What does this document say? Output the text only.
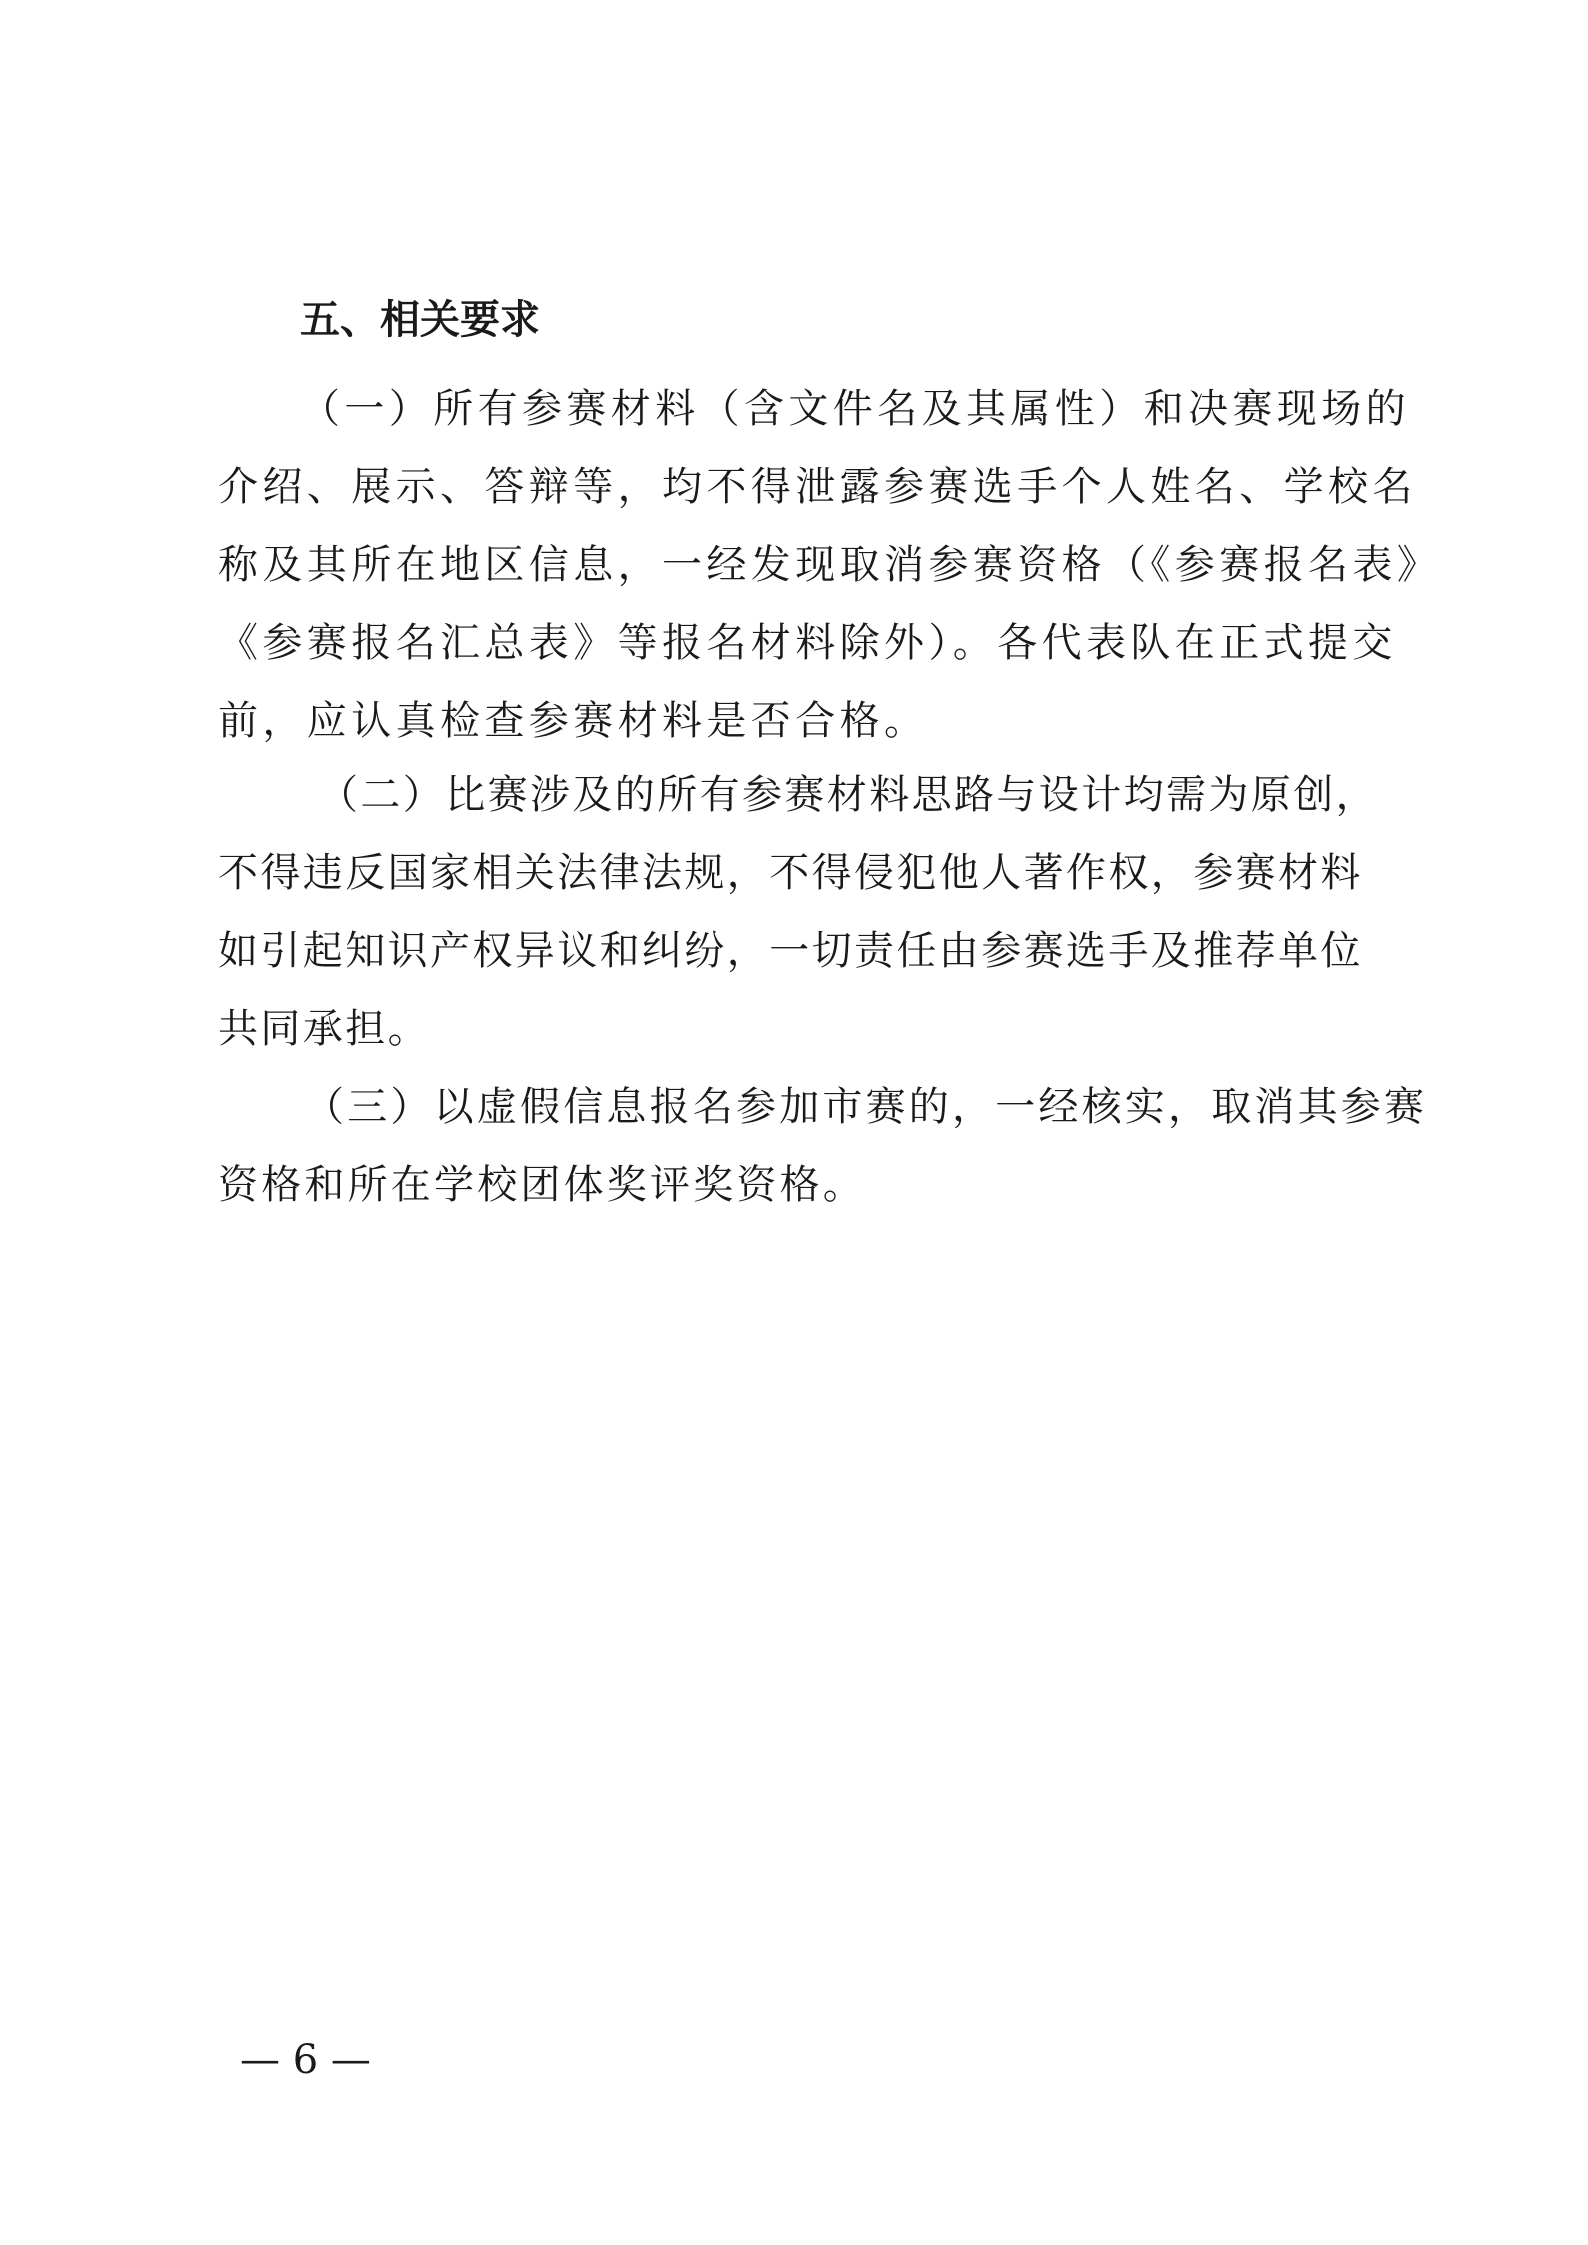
五、相关要求
（一）所有参赛材料（含文件名及其属性）和决赛现场的
介绍、展示、答辩等，均不得泄露参赛选手个人姓名、学校名
称及其所在地区信息，一经发现取消参赛资格（《参赛报名表》
《参赛报名汇总表》等报名材料除外）。各代表队在正式提交
前，应认真检查参赛材料是否合格。
（二）比赛涉及的所有参赛材料思路与设计均需为原创，
不得违反国家相关法律法规，不得侵犯他人著作权，参赛材料
如引起知识产权异议和纠纷，一切责任由参赛选手及推荐单位
共同承担。
（三）以虚假信息报名参加市赛的，一经核实，取消其参赛
资格和所在学校团体奖评奖资格。
— 6 —
